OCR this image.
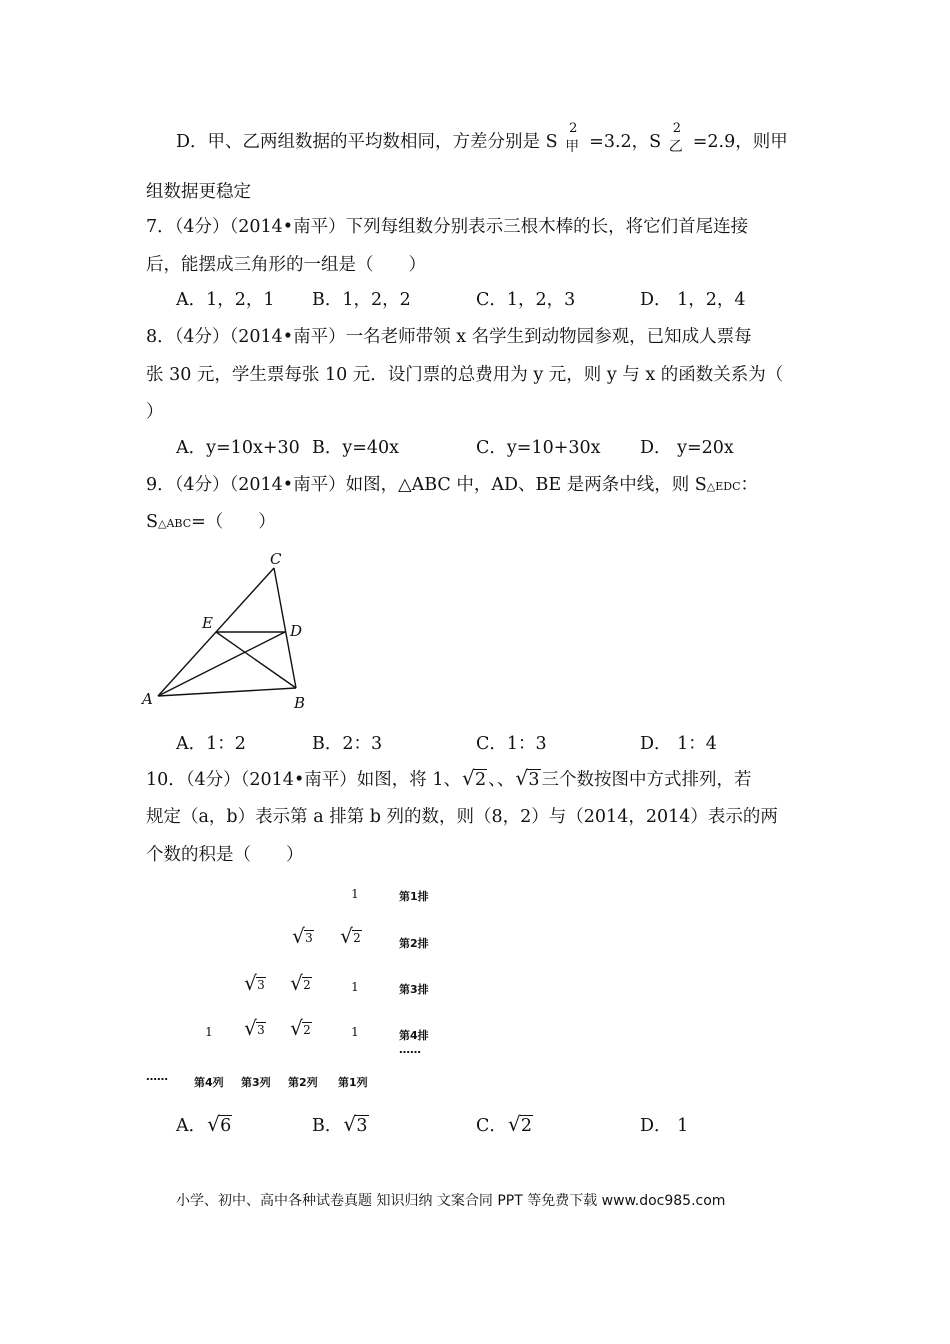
D．甲、乙两组数据的平均数相同，方差分别是 S
2
甲 =3.2，S
2
乙 =2.9，则甲
组数据更稳定
7．（4分）（2014•南平）下列每组数分别表示三根木棒的长，将它们首尾连接
后，能摆成三角形的一组是（　　）
A．1，2，1 B．1，2，2	C．1，2，3	D． 1，2，4
8．（4分）（2014•南平）一名老师带领 x 名学生到动物园参观，已知成人票每
张 30 元，学生票每张 10 元．设门票的总费用为 y 元，则 y 与 x 的函数关系为（
）
A．y=10x+30 B．y=40x	C．y=10+30x D． y=20x
9．（4分）（2014•南平）如图，△ABC 中，AD、BE 是两条中线，则 S△EDC：
S△ABC=（　　）
A	B
C
D
E
A．1：2	B．2：3	C．1：3	D． 1：4
10．（4分）（2014•南平）如图，将 1、 √ 2 、、 √ 3 三个数按图中方式排列，若
规定（a，b）表示第 a 排第 b 列的数，则（8，2）与（2014，2014）表示的两
个数的积是（　　）
1
√ 3	√ 2
√ 3	√ 2	1
1	√ 3	√ 2	1
第1排
第2排
第3排
第4排
……
…… 第4列 第3列 第2列 第1列
A． √ 6	B． √ 3	C． √ 2	D． 1
小学、初中、高中各种试卷真题 知识归纳 文案合同 PPT 等免费下载 www.doc985.com
